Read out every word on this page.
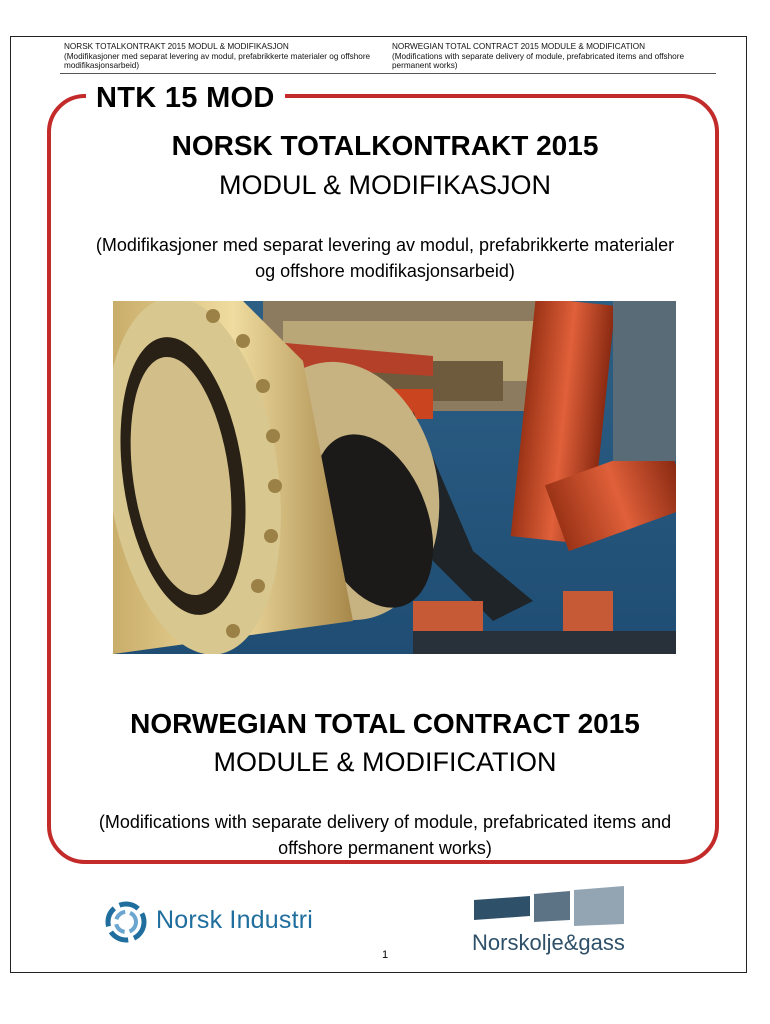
NORSK TOTALKONTRAKT 2015 MODUL & MODIFIKASJON
(Modifikasjoner med separat levering av modul, prefabrikkerte materialer og offshore modifikasjonsarbeid)
NORWEGIAN TOTAL CONTRACT 2015 MODULE & MODIFICATION
(Modifications with separate delivery of module, prefabricated items and offshore permanent works)
NTK 15 MOD
NORSK TOTALKONTRAKT 2015
MODUL & MODIFIKASJON
(Modifikasjoner med separat levering av modul, prefabrikkerte materialer og offshore modifikasjonsarbeid)
NORWEGIAN TOTAL CONTRACT 2015
MODULE & MODIFICATION
(Modifications with separate delivery of module, prefabricated items and offshore permanent works)
Norsk Industri
Norskolje&gass
1
